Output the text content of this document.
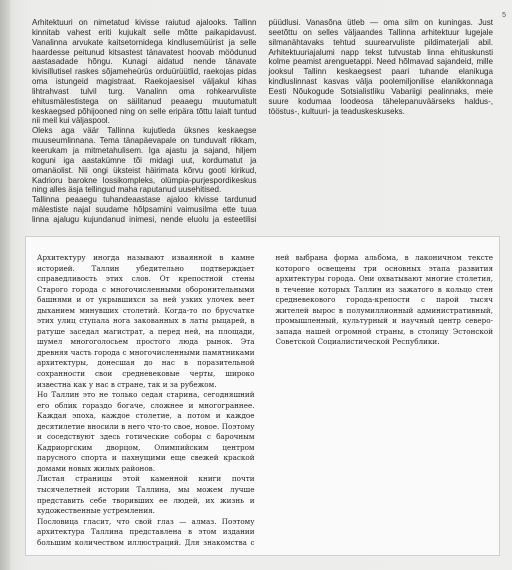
5

Arhitektuuri on nimetatud kivisse raiutud ajalooks. Tallinn kinnitab vahest eriti kujukalt selle mõtte paikapidavust. Vanalinna arvukate kaitsetornidega kindlusemüürist ja selle haardesse peitunud kitsastest tänavatest hoovab möödunud aastasadade hõngu. Kunagi aidatud nende tänavate kivisillutisel raskes sõjameheürüs orduürüütlid, raekojas pidas oma istungeid magistraat. Raekojaesisel väljakul kihas lihtrahvast tulvil turg. Vanalinn oma rohkearvuliste ehitusmälestistega on säilitanud peaaegu muutumatult keskaegsed põhijooned ning on selle eripära tõttu laialt tuntud nii meil kui väljaspool.

Oleks aga väär Tallinna kujutleda üksnes keskaegse muuseumlinnana. Tema tänapäevapale on tunduvalt rikkam, keerukam ja mitmetahulisem. Iga ajastu ja sajand, hiljem koguni iga aastakümne tõi midagi uut, kordumatut ja omanäolist. Nii ongi üksteist häirimata kõrvu gooti kirikud, Kadrioru barokne lossikompleks, olümpia-purjespordikeskus ning alles äsja tellingud maha raputanud uusehitised.

Tallinna peaaegu tuhandeaastase ajaloo kivisse tardunud mälestiste najal suudame hõlpsamini vaimusilma ette tuua linna ajalugu kujundanud inimesi, nende eluolu ja esteetilisi püüdlusi. Vanasõna ütleb — oma silm on kuningas. Just seetõttu on selles väljaandes Tallinna arhitektuur lugejale silmanähtavaks tehtud suurearvuliste pildimaterjali abil. Arhitektuuriajalumi napp tekst tutvustab linna ehituskunsti kolme peamist arenguetappi. Need hõlmavad sajandeid, mille jooksul Tallinn keskaegsest paari tuhande elanikuga kindluslinnast kasvas välja poolemiljonilise elanikkonnaga Eesti Nõukogude Sotsialistliku Vabariigi pealinnaks, meie suure kodumaa loodeosa tähelepanuväärseks haldus-, tööstus-, kultuuri- ja teaduskeskuseks.

Архитектуру иногда называют изваянной в камне историей. Таллин убедительно подтверждает справедливость этих слов. От крепостной стены Старого города с многочисленными оборонительными башнями и от укрывшихся за ней узких улочек веет дыханием минувших столетий. Когда-то по брусчатке этих улиц ступала нога закованных в латы рыцарей, в ратуше заседал магистрат, а перед ней, на площади, шумел многоголосьем простого люда рынок. Эта древняя часть города с многочисленными памятниками архитектуры, донесшая до нас в поразительной сохранности свои средневековые черты, широко известна как у нас в стране, так и за рубежом.

Но Таллин это не только седая старина, сегодняшний его облик гораздо богаче, сложнее и многограннее. Каждая эпоха, каждое столетие, а потом и каждое десятилетие вносили в него что-то свое, новое. Поэтому и соседствуют здесь готические соборы с барочным Кадриоргским дворцом, Олимпийским центром парусного спорта и пахнущими еще свежей краской домами новых жилых районов.

Листая страницы этой каменной книги почти тысячелетней истории Таллина, мы можем лучше представить себе творивших ее людей, их жизнь и художественные устремления.

Пословица гласит, что свой глаз — алмаз. Поэтому архитектура Таллина представлена в этом издании большим количеством иллюстраций. Для знакомства с ней выбрана форма альбома, в лаконичном тексте которого освещены три основных этапа развития архитектуры города. Они охватывают многие столетия, в течение которых Таллин из зажатого в кольцо стен средневекового города-крепости с парой тысяч жителей вырос в полумиллионный административный, промышленный, культурный и научный центр северо-запада нашей огромной страны, в столицу Эстонской Советской Социалистической Республики.
